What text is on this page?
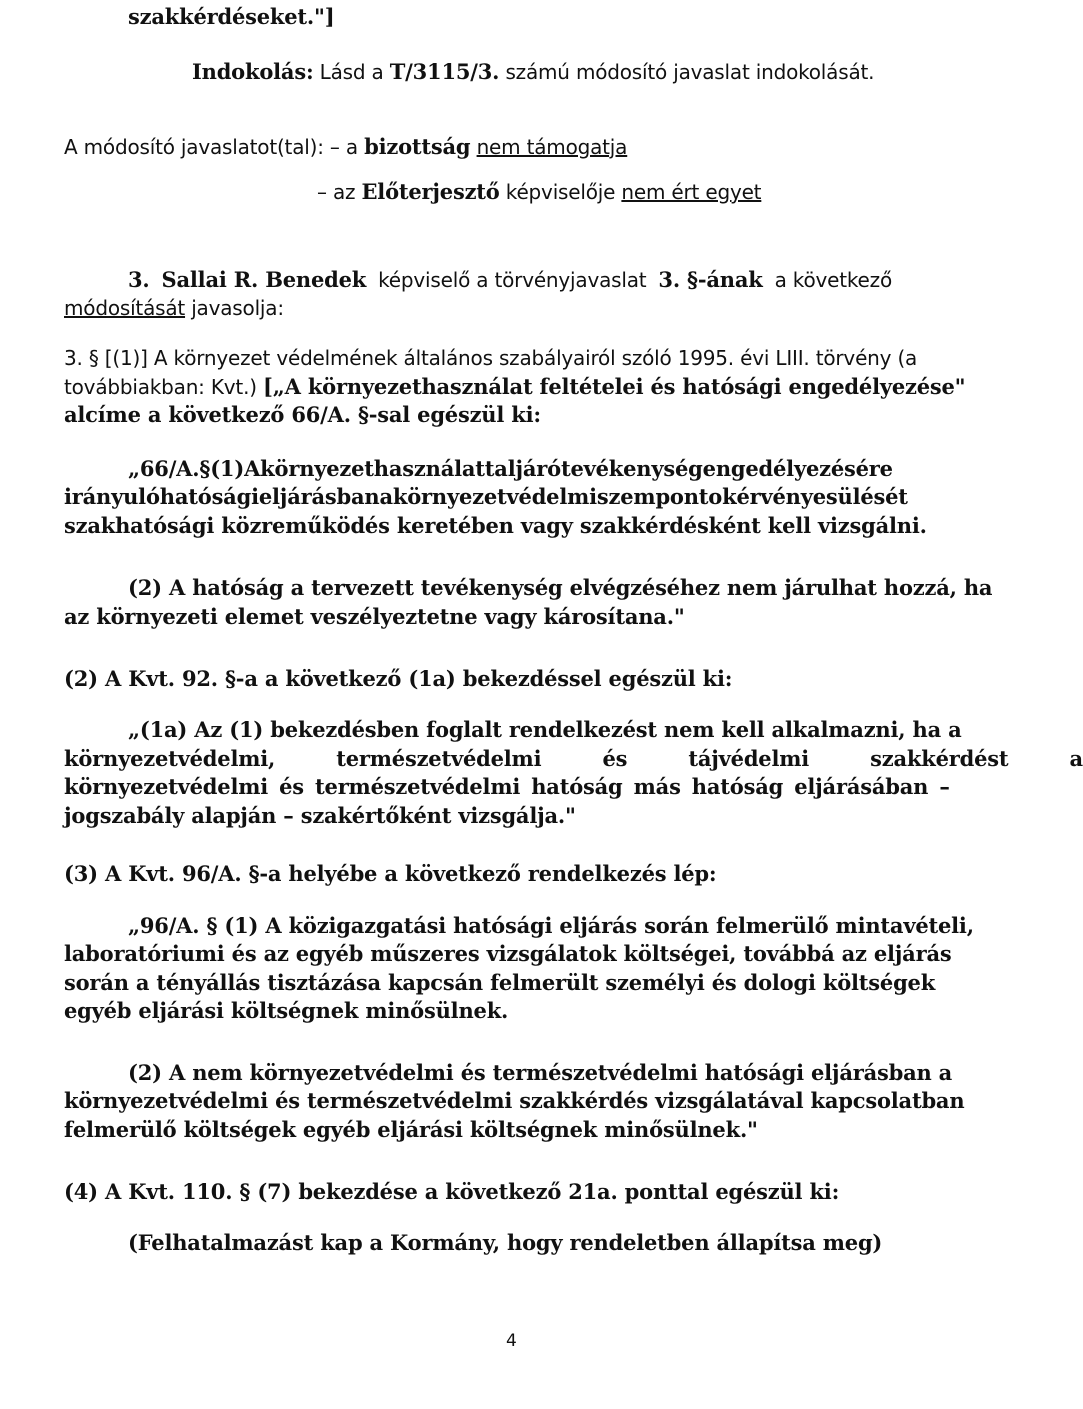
szakkérdéseket."]
Indokolás: Lásd a T/3115/3. számú módosító javaslat indokolását.
A módosító javaslatot(tal): – a bizottság nem támogatja
– az Előterjesztő képviselője nem ért egyet
3. Sallai R. Benedek képviselő a törvényjavaslat 3. §-ának a következő
módosítását javasolja:
3. § [(1)] A környezet védelmének általános szabályairól szóló 1995. évi LIII. törvény (a
továbbiakban: Kvt.) [„A környezethasználat feltételei és hatósági engedélyezése"
alcíme a következő 66/A. §-sal egészül ki:
„66/A. § (1) A környezethasználattal járó tevékenység engedélyezésére
irányuló hatósági eljárásban a környezetvédelmi szempontok érvényesülését
szakhatósági közreműködés keretében vagy szakkérdésként kell vizsgálni.
(2) A hatóság a tervezett tevékenység elvégzéséhez nem járulhat hozzá, ha
az környezeti elemet veszélyeztetne vagy károsítana."
(2) A Kvt. 92. §-a a következő (1a) bekezdéssel egészül ki:
„(1a) Az (1) bekezdésben foglalt rendelkezést nem kell alkalmazni, ha a
környezetvédelmi, természetvédelmi és tájvédelmi szakkérdést a
környezetvédelmi és természetvédelmi hatóság más hatóság eljárásában –
jogszabály alapján – szakértőként vizsgálja."
(3) A Kvt. 96/A. §-a helyébe a következő rendelkezés lép:
„96/A. § (1) A közigazgatási hatósági eljárás során felmerülő mintavételi,
laboratóriumi és az egyéb műszeres vizsgálatok költségei, továbbá az eljárás
során a tényállás tisztázása kapcsán felmerült személyi és dologi költségek
egyéb eljárási költségnek minősülnek.
(2) A nem környezetvédelmi és természetvédelmi hatósági eljárásban a
környezetvédelmi és természetvédelmi szakkérdés vizsgálatával kapcsolatban
felmerülő költségek egyéb eljárási költségnek minősülnek."
(4) A Kvt. 110. § (7) bekezdése a következő 21a. ponttal egészül ki:
(Felhatalmazást kap a Kormány, hogy rendeletben állapítsa meg)
4
